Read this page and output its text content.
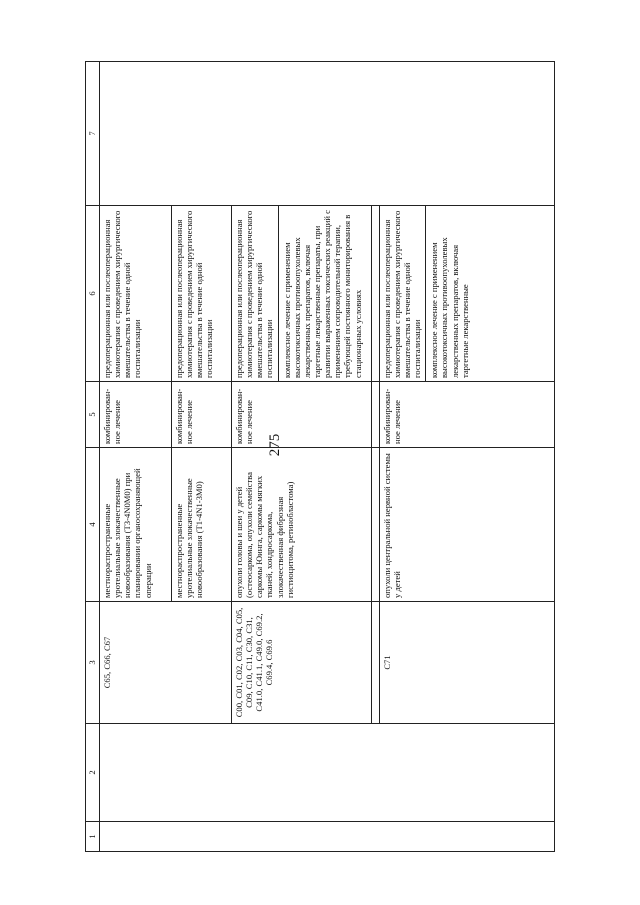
275
1	2	3	4	5	6	7
		C65, C66, C67	местнораспространенные уротелиальные злокачественные новообразования (T3-4N0M0) при планировании органосохраняющей операции	комбинирован-ное лечение	предоперационная или послеоперационная химиотерапия с проведением хирургического вмешательства в течение одной госпитализации	
			местнораспространенные уротелиальные злокачественные новообразования (T1-4N1-3M0)	комбинирован-ное лечение	предоперационная или послеоперационная химиотерапия с проведением хирургического вмешательства в течение одной госпитализации	
		C00, C01, C02, C03, C04, C05, C09, C10, C11, C30, C31, C41.0, C41.1, C49.0, C69.2, C69.4, C69.6	опухоли головы и шеи у детей (остеосаркома, опухоли семейства саркомы Юинга, саркомы мягких тканей, хондросаркома, злокачественная фиброзная гистиоцитома, ретинобластома)	комбинирован-ное лечение	предоперационная или послеоперационная химиотерапия с проведением хирургического вмешательства в течение одной госпитализации комплексное лечение с применением высокотоксичных противоопухолевых лекарственных препаратов, включая таргетные лекарственные препараты, при развитии выраженных токсических реакций с применением сопроводительной терапии, требующей постоянного мониторирования в стационарных условиях	

		C71	опухоли центральной нервной системы у детей	комбинирован-ное лечение	предоперационная или послеоперационная химиотерапия с проведением хирургического вмешательства в течение одной госпитализации комплексное лечение с применением высокотоксичных противоопухолевых лекарственных препаратов, включая таргетные лекарственные	
